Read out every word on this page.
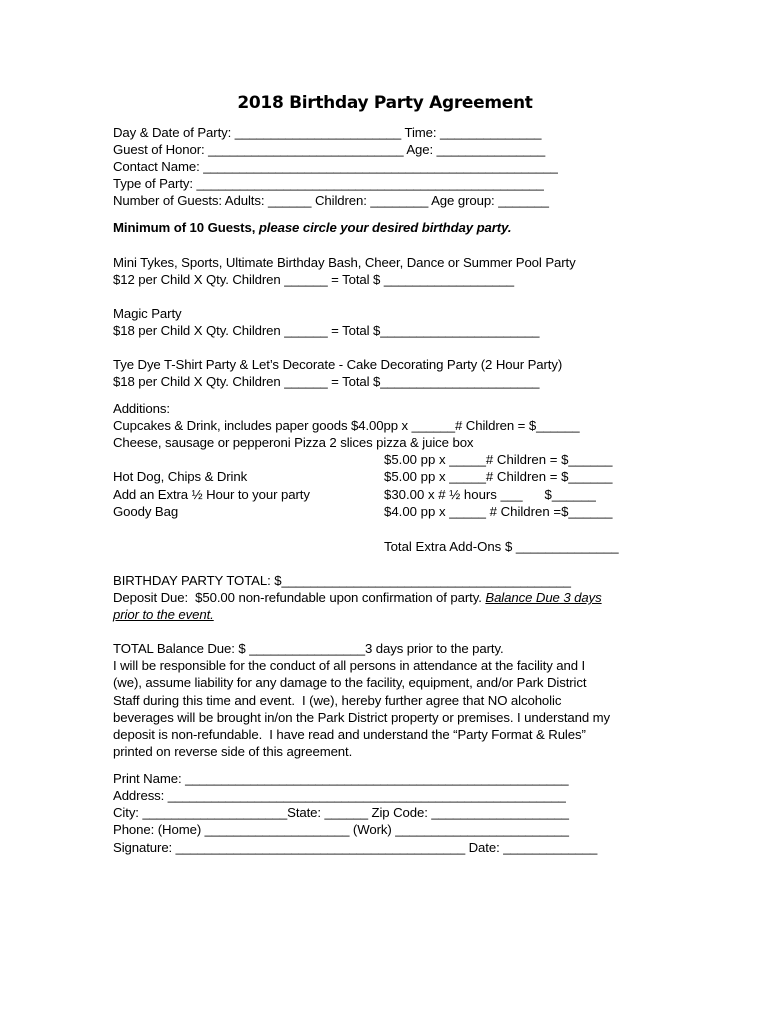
2018 Birthday Party Agreement
Day & Date of Party: _______________________ Time: ______________
Guest of Honor: ___________________________ Age: _______________
Contact Name: _________________________________________________
Type of Party: ________________________________________________
Number of Guests: Adults: ______ Children: ________ Age group: _______
Minimum of 10 Guests, please circle your desired birthday party.
Mini Tykes, Sports, Ultimate Birthday Bash, Cheer, Dance or Summer Pool Party
$12 per Child X Qty. Children ______ = Total $ __________________
Magic Party
$18 per Child X Qty. Children ______ = Total $______________________
Tye Dye T-Shirt Party & Let’s Decorate - Cake Decorating Party (2 Hour Party)
$18 per Child X Qty. Children ______ = Total $______________________
Additions:
Cupcakes & Drink, includes paper goods $4.00pp x ______# Children = $______
Cheese, sausage or pepperoni Pizza 2 slices pizza & juice box
$5.00 pp x _____# Children = $______
Hot Dog, Chips & Drink	$5.00 pp x _____# Children = $______
Add an Extra ½ Hour to your party	$30.00 x # ½ hours ___      $______
Goody Bag	$4.00 pp x _____ # Children =$______
Total Extra Add-Ons $ ______________
BIRTHDAY PARTY TOTAL: $________________________________________
Deposit Due:  $50.00 non-refundable upon confirmation of party. Balance Due 3 days
prior to the event.
TOTAL Balance Due: $ ________________3 days prior to the party.
I will be responsible for the conduct of all persons in attendance at the facility and I
(we), assume liability for any damage to the facility, equipment, and/or Park District
Staff during this time and event.  I (we), hereby further agree that NO alcoholic
beverages will be brought in/on the Park District property or premises. I understand my
deposit is non-refundable.  I have read and understand the “Party Format & Rules”
printed on reverse side of this agreement.
Print Name: _____________________________________________________
Address: _______________________________________________________
City: ____________________State: ______ Zip Code: ___________________
Phone: (Home) ____________________ (Work) ________________________
Signature: ________________________________________ Date: _____________
